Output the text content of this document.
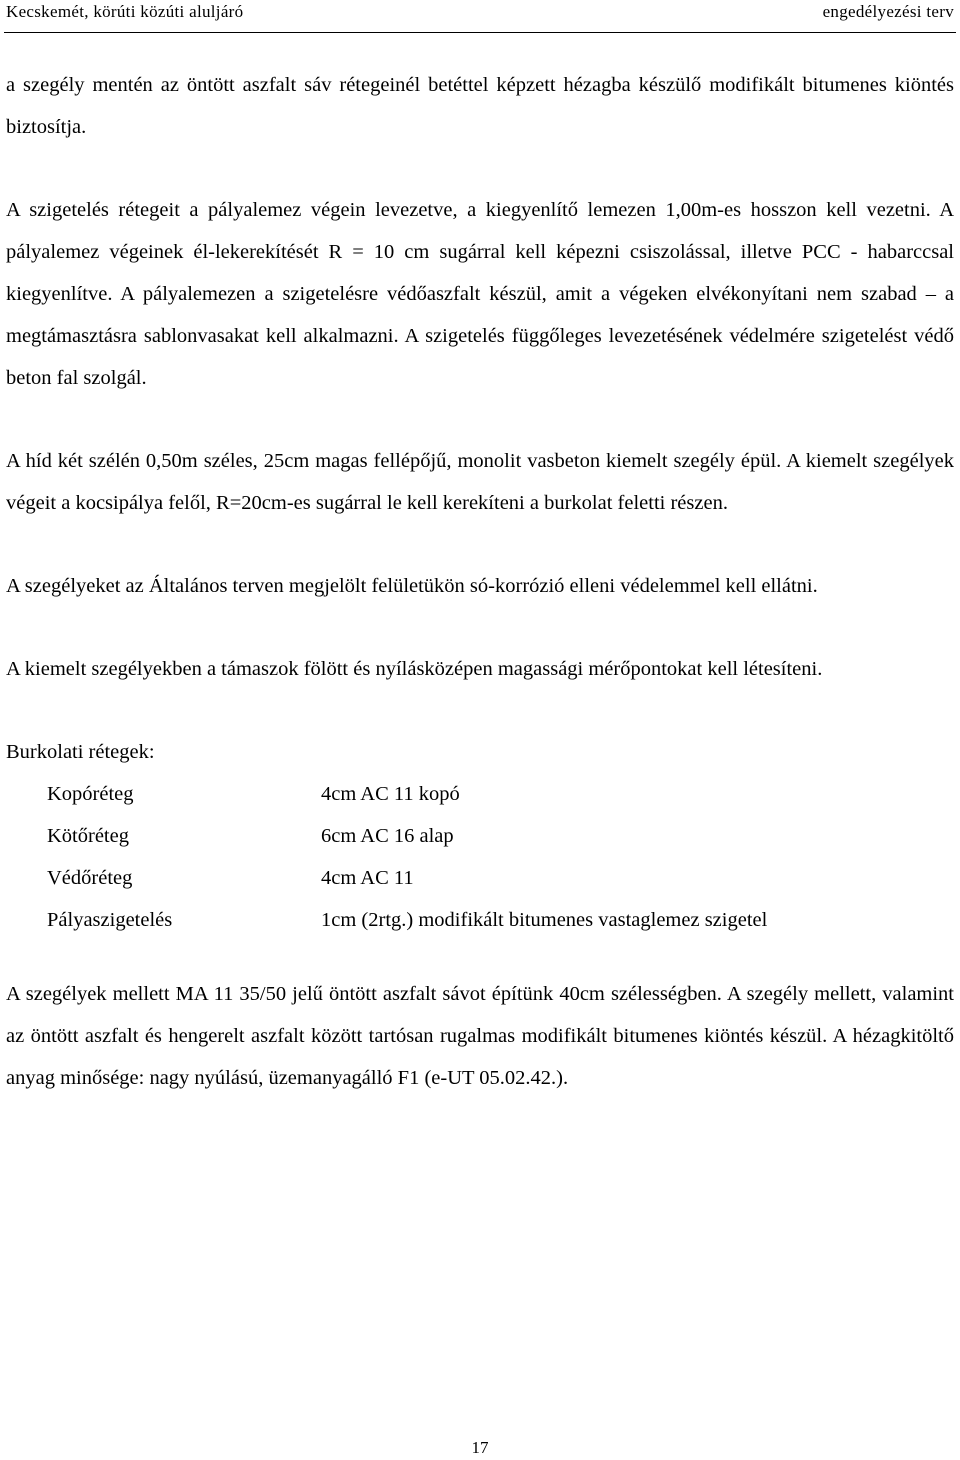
Kecskemét, körúti közúti aluljáró	engedélyezési terv

a szegély mentén az öntött aszfalt sáv rétegeinél betéttel képzett hézagba készülő modifikált bitumenes kiöntés biztosítja.

A szigetelés rétegeit a pályalemez végein levezetve, a kiegyenlítő lemezen 1,00m-es hosszon kell vezetni. A pályalemez végeinek él-lekerekítését R = 10 cm sugárral kell képezni csiszolással, illetve PCC - habarccsal kiegyenlítve. A pályalemezen a szigetelésre védőaszfalt készül, amit a végeken elvékonyítani nem szabad – a megtámasztásra sablonvasakat kell alkalmazni. A szigetelés függőleges levezetésének védelmére szigetelést védő beton fal szolgál.

A híd két szélén 0,50m széles, 25cm magas fellépőjű, monolit vasbeton kiemelt szegély épül. A kiemelt szegélyek végeit a kocsipálya felől, R=20cm-es sugárral le kell kerekíteni a burkolat feletti részen.

A szegélyeket az Általános terven megjelölt felületükön só-korrózió elleni védelemmel kell ellátni.

A kiemelt szegélyekben a támaszok fölött és nyílásközépen magassági mérőpontokat kell létesíteni.

Burkolati rétegek:

Kopóréteg	4cm AC 11 kopó
Kötőréteg	6cm AC 16 alap
Védőréteg	4cm AC 11
Pályaszigetelés	1cm (2rtg.) modifikált bitumenes vastaglemez szigetel

A szegélyek mellett MA 11 35/50 jelű öntött aszfalt sávot építünk 40cm szélességben. A szegély mellett, valamint az öntött aszfalt és hengerelt aszfalt között tartósan rugalmas modifikált bitumenes kiöntés készül. A hézagkitöltő anyag minősége: nagy nyúlású, üzemanyagálló F1 (e-UT 05.02.42.).

17
